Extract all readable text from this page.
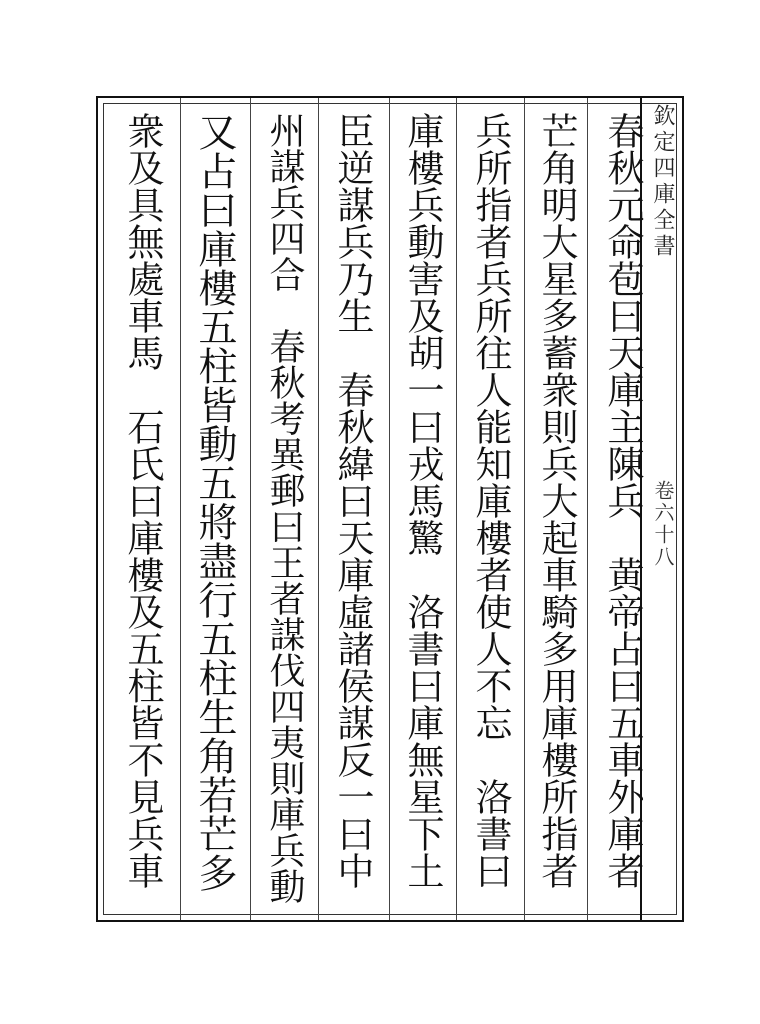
欽定四庫全書
卷六十八
春秋元命苞曰天庫主陳兵　黄帝占曰五車外庫者
芒角明大星多蓄衆則兵大起車騎多用庫樓所指者
兵所指者兵所往人能知庫樓者使人不忘　洛書曰
庫樓兵動害及胡一曰戎馬驚　洛書曰庫無星下土
臣逆謀兵乃生　春秋緯曰天庫虛諸侯謀反一曰中
州謀兵四合　春秋考異郵曰王者謀伐四夷則庫兵動
又占曰庫樓五柱皆動五將盡行五柱生角若芒多
衆及具無處車馬　石氏曰庫樓及五柱皆不見兵車
